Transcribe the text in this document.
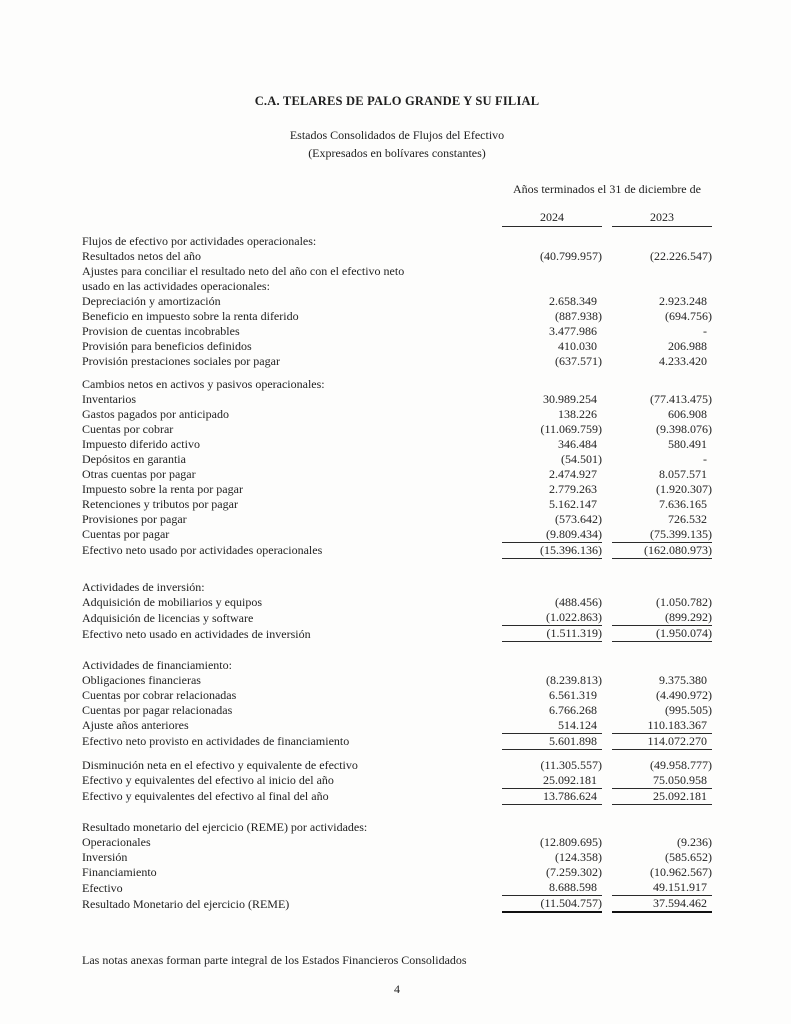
C.A. TELARES DE PALO GRANDE Y SU FILIAL
Estados Consolidados de Flujos del Efectivo
(Expresados en bolívares constantes)
Años terminados el 31 de diciembre de
	2024		2023
Flujos de efectivo por actividades operacionales:			
Resultados netos del año	(40.799.957)		(22.226.547)
Ajustes para conciliar el resultado neto del año con el efectivo neto			
usado en las actividades operacionales:			
Depreciación y amortización	2.658.349		2.923.248
Beneficio en impuesto sobre la renta diferido	(887.938)		(694.756)
Provision de cuentas incobrables	3.477.986		-
Provisión para beneficios definidos	410.030		206.988
Provisión prestaciones sociales por pagar	(637.571)		4.233.420
Cambios netos en activos y pasivos operacionales:			
Inventarios	30.989.254		(77.413.475)
Gastos pagados por anticipado	138.226		606.908
Cuentas por cobrar	(11.069.759)		(9.398.076)
Impuesto diferido activo	346.484		580.491
Depósitos en garantia	(54.501)		-
Otras cuentas por pagar	2.474.927		8.057.571
Impuesto sobre la renta por pagar	2.779.263		(1.920.307)
Retenciones y tributos por pagar	5.162.147		7.636.165
Provisiones por pagar	(573.642)		726.532
Cuentas por pagar	(9.809.434)		(75.399.135)
Efectivo neto usado por actividades operacionales	(15.396.136)		(162.080.973)
Actividades de inversión:			
Adquisición de mobiliarios y equipos	(488.456)		(1.050.782)
Adquisición de licencias y software	(1.022.863)		(899.292)
Efectivo neto usado en actividades de inversión	(1.511.319)		(1.950.074)
Actividades de financiamiento:			
Obligaciones financieras	(8.239.813)		9.375.380
Cuentas por cobrar relacionadas	6.561.319		(4.490.972)
Cuentas por pagar relacionadas	6.766.268		(995.505)
Ajuste años anteriores	514.124		110.183.367
Efectivo neto provisto en actividades de financiamiento	5.601.898		114.072.270
Disminución neta en el efectivo y equivalente de efectivo	(11.305.557)		(49.958.777)
Efectivo y equivalentes del efectivo al inicio del año	25.092.181		75.050.958
Efectivo y equivalentes del efectivo al final del año	13.786.624		25.092.181
Resultado monetario del ejercicio (REME) por actividades:			
Operacionales	(12.809.695)		(9.236)
Inversión	(124.358)		(585.652)
Financiamiento	(7.259.302)		(10.962.567)
Efectivo	8.688.598		49.151.917
Resultado Monetario del ejercicio (REME)	(11.504.757)		37.594.462
Las notas anexas forman parte integral de los Estados Financieros Consolidados
4
